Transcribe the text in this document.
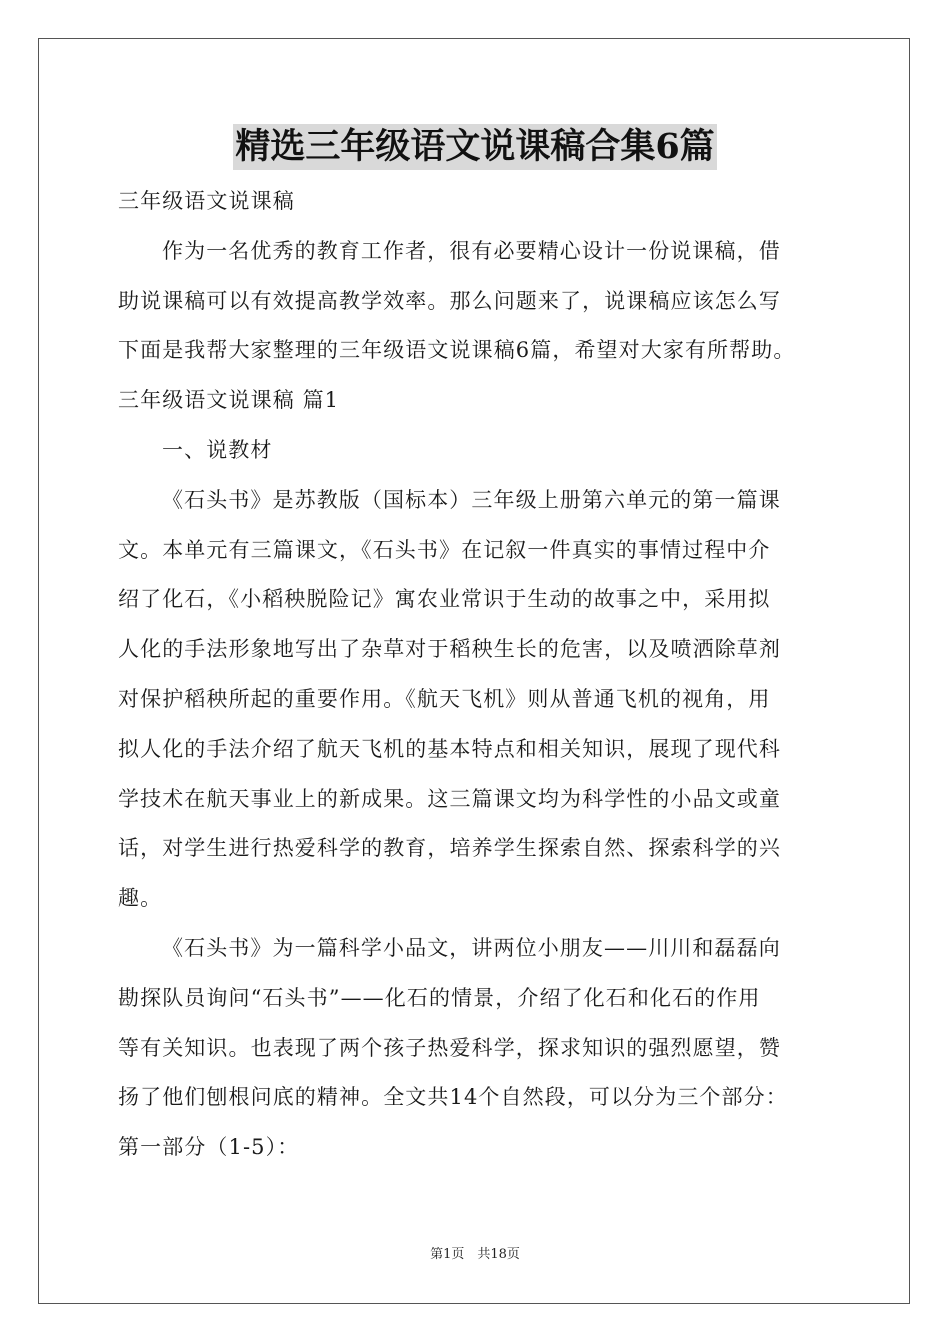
精选三年级语文说课稿合集6篇
三年级语文说课稿
作为一名优秀的教育工作者，很有必要精心设计一份说课稿，借
助说课稿可以有效提高教学效率。那么问题来了，说课稿应该怎么写
下面是我帮大家整理的三年级语文说课稿6篇，希望对大家有所帮助。
三年级语文说课稿 篇1
一、说教材
《石头书》是苏教版（国标本）三年级上册第六单元的第一篇课
文。本单元有三篇课文，《石头书》在记叙一件真实的事情过程中介
绍了化石，《小稻秧脱险记》寓农业常识于生动的故事之中，采用拟
人化的手法形象地写出了杂草对于稻秧生长的危害，以及喷洒除草剂
对保护稻秧所起的重要作用。《航天飞机》则从普通飞机的视角，用
拟人化的手法介绍了航天飞机的基本特点和相关知识，展现了现代科
学技术在航天事业上的新成果。这三篇课文均为科学性的小品文或童
话，对学生进行热爱科学的教育，培养学生探索自然、探索科学的兴
趣。
《石头书》为一篇科学小品文，讲两位小朋友——川川和磊磊向
勘探队员询问“石头书”——化石的情景，介绍了化石和化石的作用
等有关知识。也表现了两个孩子热爱科学，探求知识的强烈愿望，赞
扬了他们刨根问底的精神。全文共14个自然段，可以分为三个部分：
第一部分（1-5）：
第1页　共18页
